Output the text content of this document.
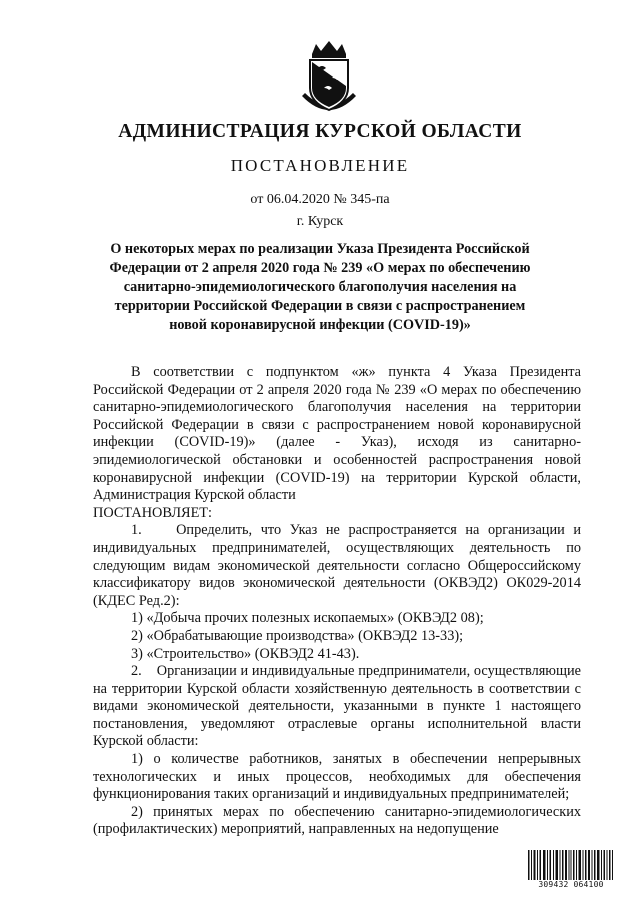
АДМИНИСТРАЦИЯ КУРСКОЙ ОБЛАСТИ
ПОСТАНОВЛЕНИЕ
от 06.04.2020 № 345-па
г. Курск

О некоторых мерах по реализации Указа Президента Российской Федерации от 2 апреля 2020 года № 239 «О мерах по обеспечению санитарно-эпидемиологического благополучия населения на территории Российской Федерации в связи с распространением новой коронавирусной инфекции (COVID-19)»

В соответствии с подпунктом «ж» пункта 4 Указа Президента Российской Федерации от 2 апреля 2020 года № 239 «О мерах по обеспечению санитарно-эпидемиологического благополучия населения на территории Российской Федерации в связи с распространением новой коронавирусной инфекции (COVID-19)» (далее - Указ), исходя из санитарно-эпидемиологической обстановки и особенностей распространения новой коронавирусной инфекции (COVID-19) на территории Курской области, Администрация Курской области

ПОСТАНОВЛЯЕТ:

1.    Определить, что Указ не распространяется на организации и индивидуальных предпринимателей, осуществляющих деятельность по следующим видам экономической деятельности согласно Общероссийскому классификатору видов экономической деятельности (ОКВЭД2) ОК029-2014 (КДЕС Ред.2):

1) «Добыча прочих полезных ископаемых» (ОКВЭД2 08);

2) «Обрабатывающие производства» (ОКВЭД2 13-33);

3) «Строительство» (ОКВЭД2 41-43).

2.    Организации и индивидуальные предприниматели, осуществляющие на территории Курской области хозяйственную деятельность в соответствии с видами экономической деятельности, указанными в пункте 1 настоящего постановления, уведомляют отраслевые органы исполнительной власти Курской области:

1) о количестве работников, занятых в обеспечении непрерывных технологических и иных процессов, необходимых для обеспечения функционирования таких организаций и индивидуальных предпринимателей;

2) принятых мерах по обеспечению санитарно-эпидемиологических (профилактических) мероприятий, направленных на недопущение

309432 064100
